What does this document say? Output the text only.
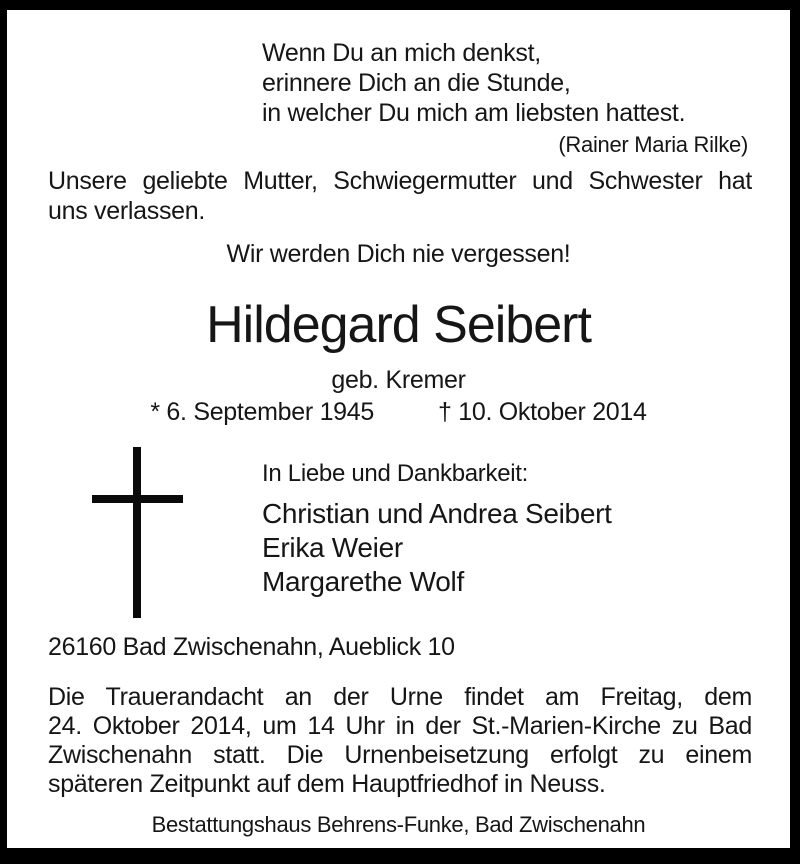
Wenn Du an mich denkst,
erinnere Dich an die Stunde,
in welcher Du mich am liebsten hattest.
(Rainer Maria Rilke)
Unsere geliebte Mutter, Schwiegermutter und Schwester hat
uns verlassen.
Wir werden Dich nie vergessen!
Hildegard Seibert
geb. Kremer
* 6. September 1945	† 10. Oktober 2014
In Liebe und Dankbarkeit:
Christian und Andrea Seibert
Erika Weier
Margarethe Wolf
26160 Bad Zwischenahn, Aueblick 10
Die Trauerandacht an der Urne findet am Freitag, dem
24. Oktober 2014, um 14 Uhr in der St.-Marien-Kirche zu Bad
Zwischenahn statt. Die Urnenbeisetzung erfolgt zu einem
späteren Zeitpunkt auf dem Hauptfriedhof in Neuss.
Bestattungshaus Behrens-Funke, Bad Zwischenahn
